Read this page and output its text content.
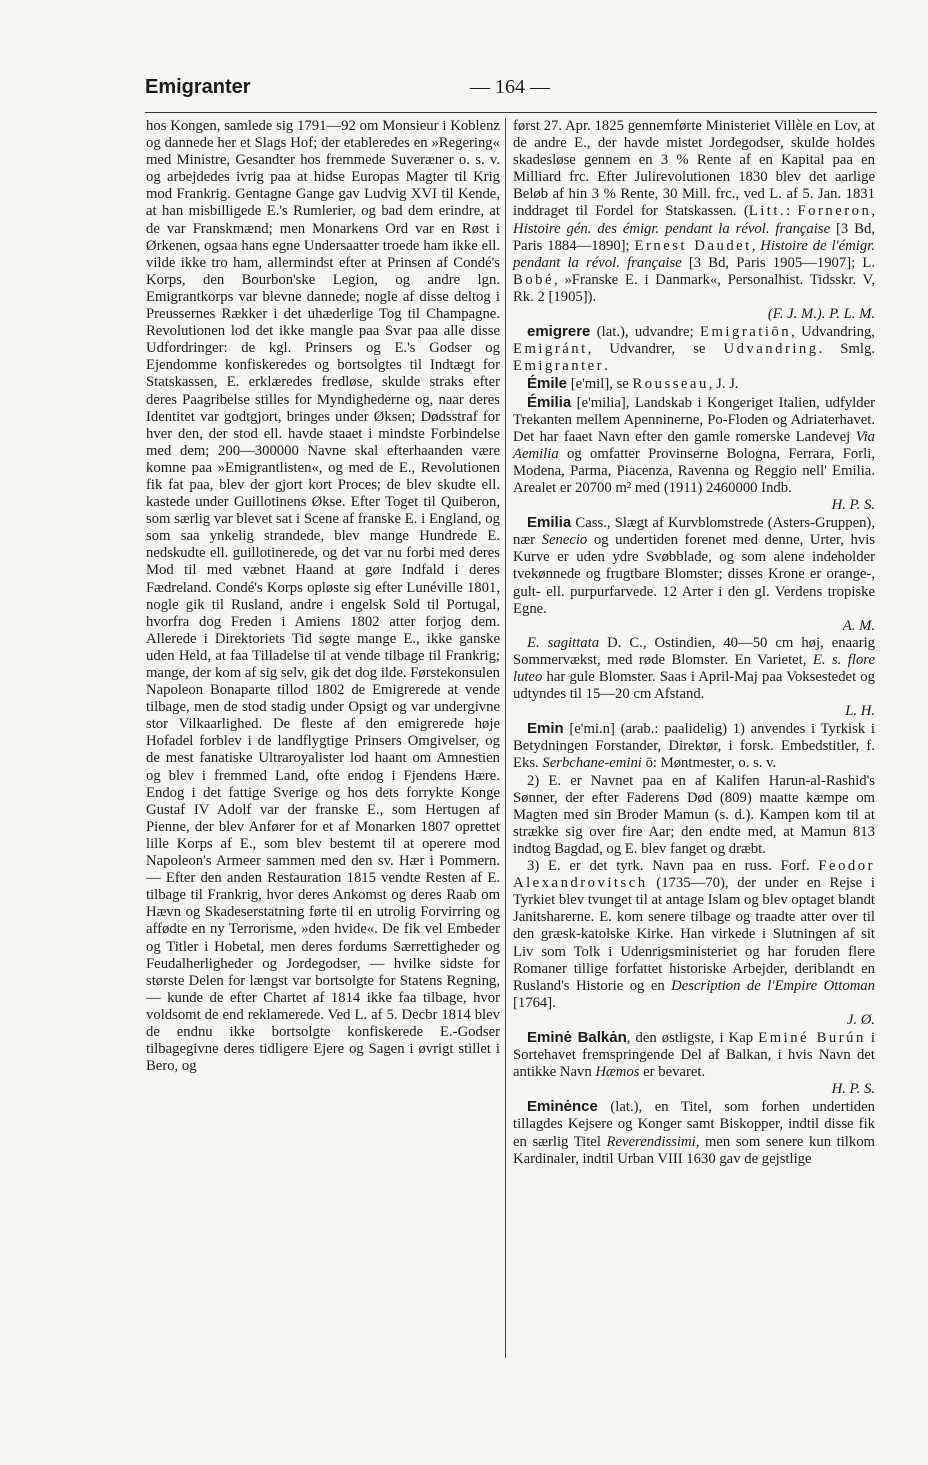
Emigranter	— 164 —

hos Kongen, samlede sig 1791—92 om Monsieur i Koblenz og dannede her et Slags Hof; der etableredes en »Regering« med Ministre, Gesandter hos fremmede Suveræner o. s. v. og arbejdedes ivrig paa at hidse Europas Magter til Krig mod Frankrig. Gentagne Gange gav Ludvig XVI til Kende, at han misbilligede E.'s Rumlerier, og bad dem erindre, at de var Franskmænd; men Monarkens Ord var en Røst i Ørkenen, ogsaa hans egne Undersaatter troede ham ikke ell. vilde ikke tro ham, allermindst efter at Prinsen af Condé's Korps, den Bourbon'ske Legion, og andre lgn. Emigrantkorps var blevne dannede; nogle af disse deltog i Preussernes Rækker i det uhæderlige Tog til Champagne. Revolutionen lod det ikke mangle paa Svar paa alle disse Udfordringer: de kgl. Prinsers og E.'s Godser og Ejendomme konfiskeredes og bortsolgtes til Indtægt for Statskassen, E. erklæredes fredløse, skulde straks efter deres Paagribelse stilles for Myndighederne og, naar deres Identitet var godtgjort, bringes under Øksen; Dødsstraf for hver den, der stod ell. havde staaet i mindste Forbindelse med dem; 200—300000 Navne skal efterhaanden være komne paa »Emigrantlisten«, og med de E., Revolutionen fik fat paa, blev der gjort kort Proces; de blev skudte ell. kastede under Guillotinens Økse. Efter Toget til Quiberon, som særlig var blevet sat i Scene af franske E. i England, og som saa ynkelig strandede, blev mange Hundrede E. nedskudte ell. guillotinerede, og det var nu forbi med deres Mod til med væbnet Haand at gøre Indfald i deres Fædreland. Condé's Korps opløste sig efter Lunéville 1801, nogle gik til Rusland, andre i engelsk Sold til Portugal, hvorfra dog Freden i Amiens 1802 atter forjog dem. Allerede i Direktoriets Tid søgte mange E., ikke ganske uden Held, at faa Tilladelse til at vende tilbage til Frankrig; mange, der kom af sig selv, gik det dog ilde. Førstekonsulen Napoleon Bonaparte tillod 1802 de Emigrerede at vende tilbage, men de stod stadig under Opsigt og var undergivne stor Vilkaarlighed. De fleste af den emigrerede høje Hofadel forblev i de landflygtige Prinsers Omgivelser, og de mest fanatiske Ultraroyalister lod haant om Amnestien og blev i fremmed Land, ofte endog i Fjendens Hære. Endog i det fattige Sverige og hos dets forrykte Konge Gustaf IV Adolf var der franske E., som Hertugen af Pienne, der blev Anfører for et af Monarken 1807 oprettet lille Korps af E., som blev bestemt til at operere mod Napoleon's Armeer sammen med den sv. Hær i Pommern. — Efter den anden Restauration 1815 vendte Resten af E. tilbage til Frankrig, hvor deres Ankomst og deres Raab om Hævn og Skadeserstatning førte til en utrolig Forvirring og affødte en ny Terrorisme, »den hvide«. De fik vel Embeder og Titler i Hobetal, men deres fordums Særrettigheder og Feudalherligheder og Jordegodser, — hvilke sidste for største Delen for længst var bortsolgte for Statens Regning, — kunde de efter Chartet af 1814 ikke faa tilbage, hvor voldsomt de end reklamerede. Ved L. af 5. Decbr 1814 blev de endnu ikke bortsolgte konfiskerede E.-Godser tilbagegivne deres tidligere Ejere og Sagen i øvrigt stillet i Bero, og

først 27. Apr. 1825 gennemførte Ministeriet Villèle en Lov, at de andre E., der havde mistet Jordegodser, skulde holdes skadesløse gennem en 3 % Rente af en Kapital paa en Milliard frc. Efter Julirevolutionen 1830 blev det aarlige Beløb af hin 3 % Rente, 30 Mill. frc., ved L. af 5. Jan. 1831 inddraget til Fordel for Statskassen. (Litt.: Forneron, Histoire gén. des émigr. pendant la révol. française [3 Bd, Paris 1884—1890]; Ernest Daudet, Histoire de l'émigr. pendant la révol. française [3 Bd, Paris 1905—1907]; L. Bobé, »Franske E. i Danmark«, Personalhist. Tidsskr. V, Rk. 2 [1905]).
(F. J. M.). P. L. M.

emigrere (lat.), udvandre; Emigratiōn, Udvandring, Emigránt, Udvandrer, se Udvandring. Smlg. Emigranter.

Émile [e'mil], se Rousseau, J. J.

Émilia [e'milia], Landskab i Kongeriget Italien, udfylder Trekanten mellem Apenninerne, Po-Floden og Adriaterhavet. Det har faaet Navn efter den gamle romerske Landevej Via Aemilia og omfatter Provinserne Bologna, Ferrara, Forli, Modena, Parma, Piacenza, Ravenna og Reggio nell' Emilia. Arealet er 20700 m² med (1911) 2460000 Indb.
H. P. S.

Emilia Cass., Slægt af Kurvblomstrede (Asters-Gruppen), nær Senecio og undertiden forenet med denne, Urter, hvis Kurve er uden ydre Svøbblade, og som alene indeholder tvekønnede og frugtbare Blomster; disses Krone er orange-, gult- ell. purpurfarvede. 12 Arter i den gl. Verdens tropiske Egne.
A. M.

E. sagittata D. C., Ostindien, 40—50 cm høj, enaarig Sommervækst, med røde Blomster. En Varietet, E. s. flore luteo har gule Blomster. Saas i April-Maj paa Voksestedet og udtyndes til 15—20 cm Afstand.
L. H.

Emin [e'mi.n] (arab.: paalidelig) 1) anvendes i Tyrkisk i Betydningen Forstander, Direktør, i forsk. Embedstitler, f. Eks. Serbchane-emini ō: Møntmester, o. s. v.

2) E. er Navnet paa en af Kalifen Harun-al-Rashid's Sønner, der efter Faderens Død (809) maatte kæmpe om Magten med sin Broder Mamun (s. d.). Kampen kom til at strække sig over fire Aar; den endte med, at Mamun 813 indtog Bagdad, og E. blev fanget og dræbt.

3) E. er det tyrk. Navn paa en russ. Forf. Feodor Alexandrovitsch (1735—70), der under en Rejse i Tyrkiet blev tvunget til at antage Islam og blev optaget blandt Janitsharerne. E. kom senere tilbage og traadte atter over til den græsk-katolske Kirke. Han virkede i Slutningen af sit Liv som Tolk i Udenrigsministeriet og har foruden flere Romaner tillige forfattet historiske Arbejder, deriblandt en Rusland's Historie og en Description de l'Empire Ottoman [1764].
J. Ø.

Eminė Balkȧn, den østligste, i Kap Eminé Burún i Sortehavet fremspringende Del af Balkan, i hvis Navn det antikke Navn Hæmos er bevaret.
H. P. S.

Eminėnce (lat.), en Titel, som forhen undertiden tillagdes Kejsere og Konger samt Biskopper, indtil disse fik en særlig Titel Reverendissimi, men som senere kun tilkom Kardinaler, indtil Urban VIII 1630 gav de gejstlige
